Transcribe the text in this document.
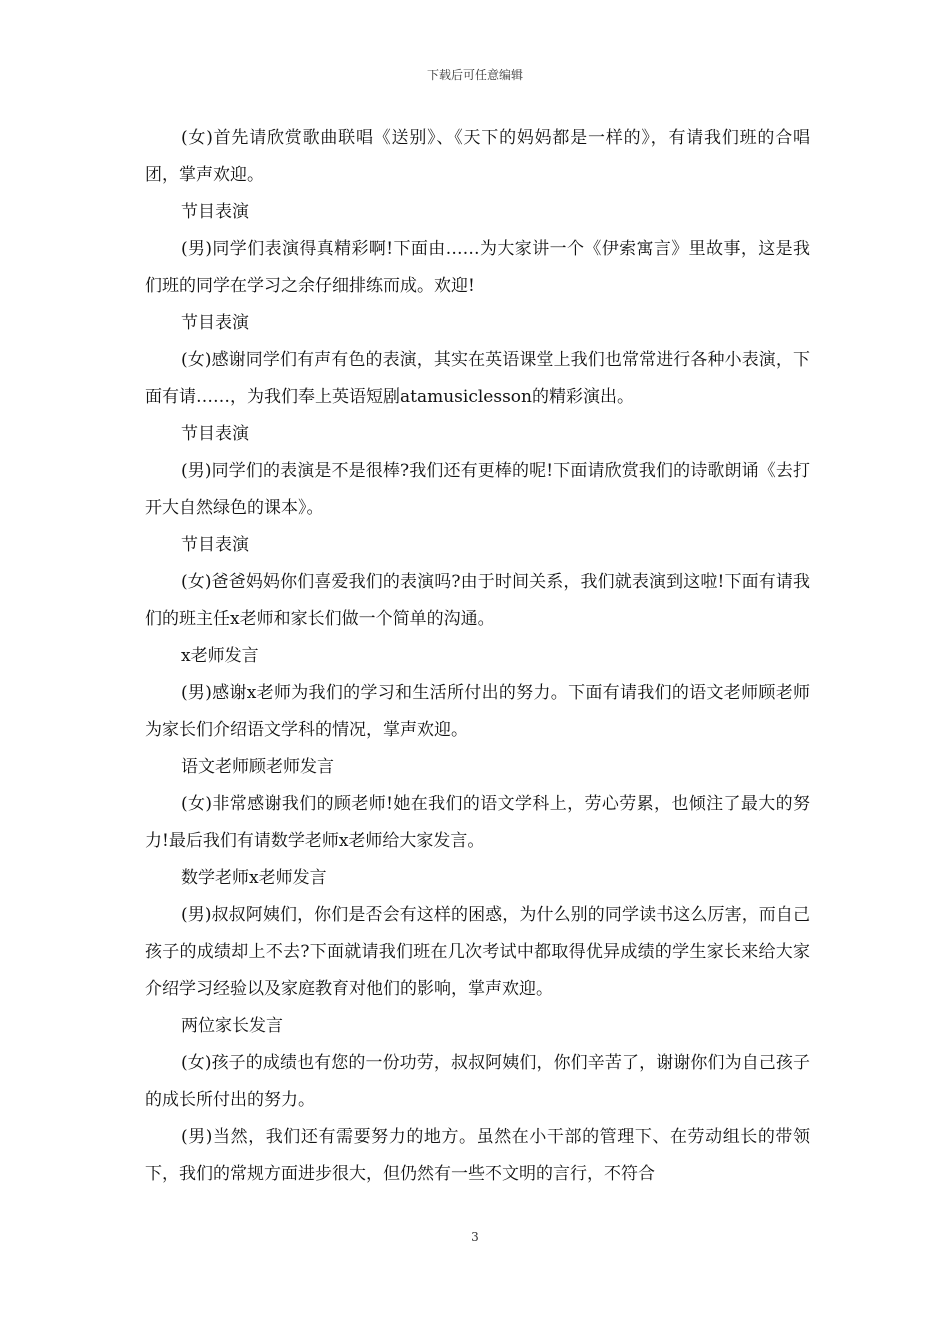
下载后可任意编辑

(女)首先请欣赏歌曲联唱《送别》、《天下的妈妈都是一样的》，有请我们班的合唱团，掌声欢迎。

节目表演

(男)同学们表演得真精彩啊!下面由……为大家讲一个《伊索寓言》里故事，这是我们班的同学在学习之余仔细排练而成。欢迎!

节目表演

(女)感谢同学们有声有色的表演，其实在英语课堂上我们也常常进行各种小表演，下面有请……，为我们奉上英语短剧atamusiclesson的精彩演出。

节目表演

(男)同学们的表演是不是很棒?我们还有更棒的呢!下面请欣赏我们的诗歌朗诵《去打开大自然绿色的课本》。

节目表演

(女)爸爸妈妈你们喜爱我们的表演吗?由于时间关系，我们就表演到这啦!下面有请我们的班主任x老师和家长们做一个简单的沟通。

x老师发言

(男)感谢x老师为我们的学习和生活所付出的努力。下面有请我们的语文老师顾老师为家长们介绍语文学科的情况，掌声欢迎。

语文老师顾老师发言

(女)非常感谢我们的顾老师!她在我们的语文学科上，劳心劳累，也倾注了最大的努力!最后我们有请数学老师x老师给大家发言。

数学老师x老师发言

(男)叔叔阿姨们，你们是否会有这样的困惑，为什么别的同学读书这么厉害，而自己孩子的成绩却上不去?下面就请我们班在几次考试中都取得优异成绩的学生家长来给大家介绍学习经验以及家庭教育对他们的影响，掌声欢迎。

两位家长发言

(女)孩子的成绩也有您的一份功劳，叔叔阿姨们，你们辛苦了，谢谢你们为自己孩子的成长所付出的努力。

(男)当然，我们还有需要努力的地方。虽然在小干部的管理下、在劳动组长的带领下，我们的常规方面进步很大，但仍然有一些不文明的言行，不符合

3
